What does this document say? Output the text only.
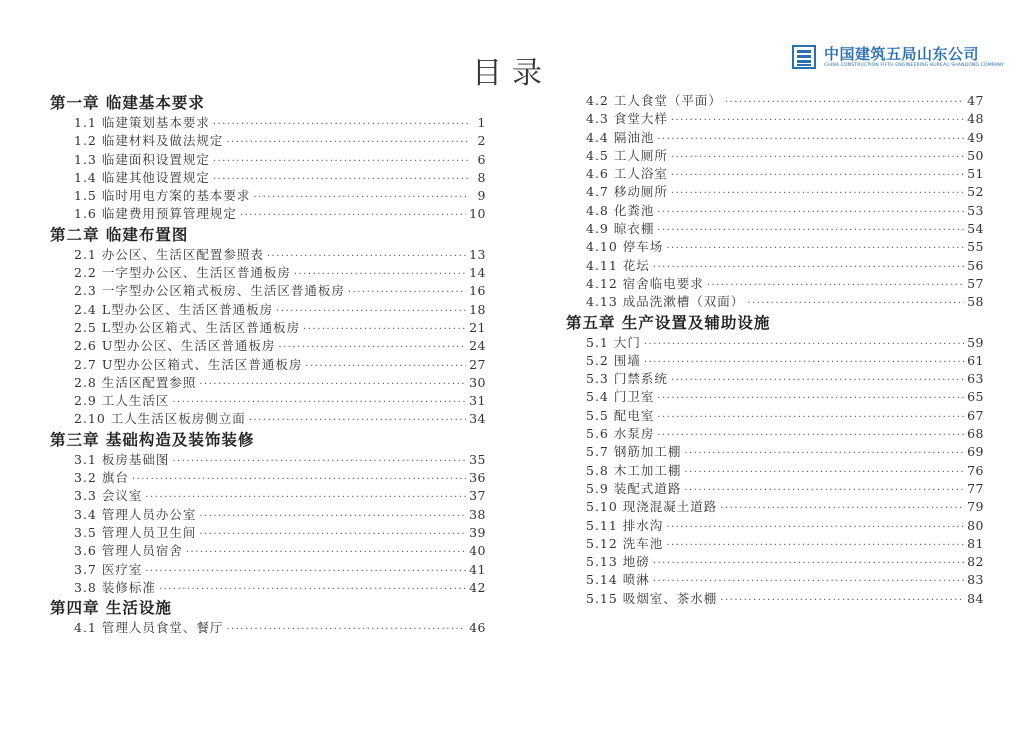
目录
中国建筑五局山东公司
CHINA CONSTRUCTION FIFTH ENGINEERING BUREAU SHANDONG COMPANY
第一章 临建基本要求
1.1 临建策划基本要求 ·····	1
1.2 临建材料及做法规定 ·····	2
1.3 临建面积设置规定 ·····	6
1.4 临建其他设置规定 ·····	8
1.5 临时用电方案的基本要求 ·····	9
1.6 临建费用预算管理规定 ·····	10
第二章 临建布置图
2.1 办公区、生活区配置参照表 ·····	13
2.2 一字型办公区、生活区普通板房 ·····	14
2.3 一字型办公区箱式板房、生活区普通板房 ·····	16
2.4 L型办公区、生活区普通板房 ·····	18
2.5 L型办公区箱式、生活区普通板房 ·····	21
2.6 U型办公区、生活区普通板房 ·····	24
2.7 U型办公区箱式、生活区普通板房 ·····	27
2.8 生活区配置参照 ·····	30
2.9 工人生活区 ·····	31
2.10 工人生活区板房侧立面 ·····	34
第三章 基础构造及装饰装修
3.1 板房基础图 ·····	35
3.2 旗台 ·····	36
3.3 会议室 ·····	37
3.4 管理人员办公室 ·····	38
3.5 管理人员卫生间 ·····	39
3.6 管理人员宿舍 ·····	40
3.7 医疗室 ·····	41
3.8 装修标准 ·····	42
第四章 生活设施
4.1 管理人员食堂、餐厅 ·····	46
4.2 工人食堂（平面） ·····	47
4.3 食堂大样 ·····	48
4.4 隔油池 ·····	49
4.5 工人厕所 ·····	50
4.6 工人浴室 ·····	51
4.7 移动厕所 ·····	52
4.8 化粪池 ·····	53
4.9 晾衣棚 ·····	54
4.10 停车场 ·····	55
4.11 花坛 ·····	56
4.12 宿舍临电要求 ·····	57
4.13 成品洗漱槽（双面） ·····	58
第五章 生产设置及辅助设施
5.1 大门 ·····	59
5.2 围墙 ·····	61
5.3 门禁系统 ·····	63
5.4 门卫室 ·····	65
5.5 配电室 ·····	67
5.6 水泵房 ·····	68
5.7 钢筋加工棚 ·····	69
5.8 木工加工棚 ·····	76
5.9 装配式道路 ·····	77
5.10 现浇混凝土道路 ·····	79
5.11 排水沟 ·····	80
5.12 洗车池 ·····	81
5.13 地磅 ·····	82
5.14 喷淋 ·····	83
5.15 吸烟室、茶水棚 ·····	84
